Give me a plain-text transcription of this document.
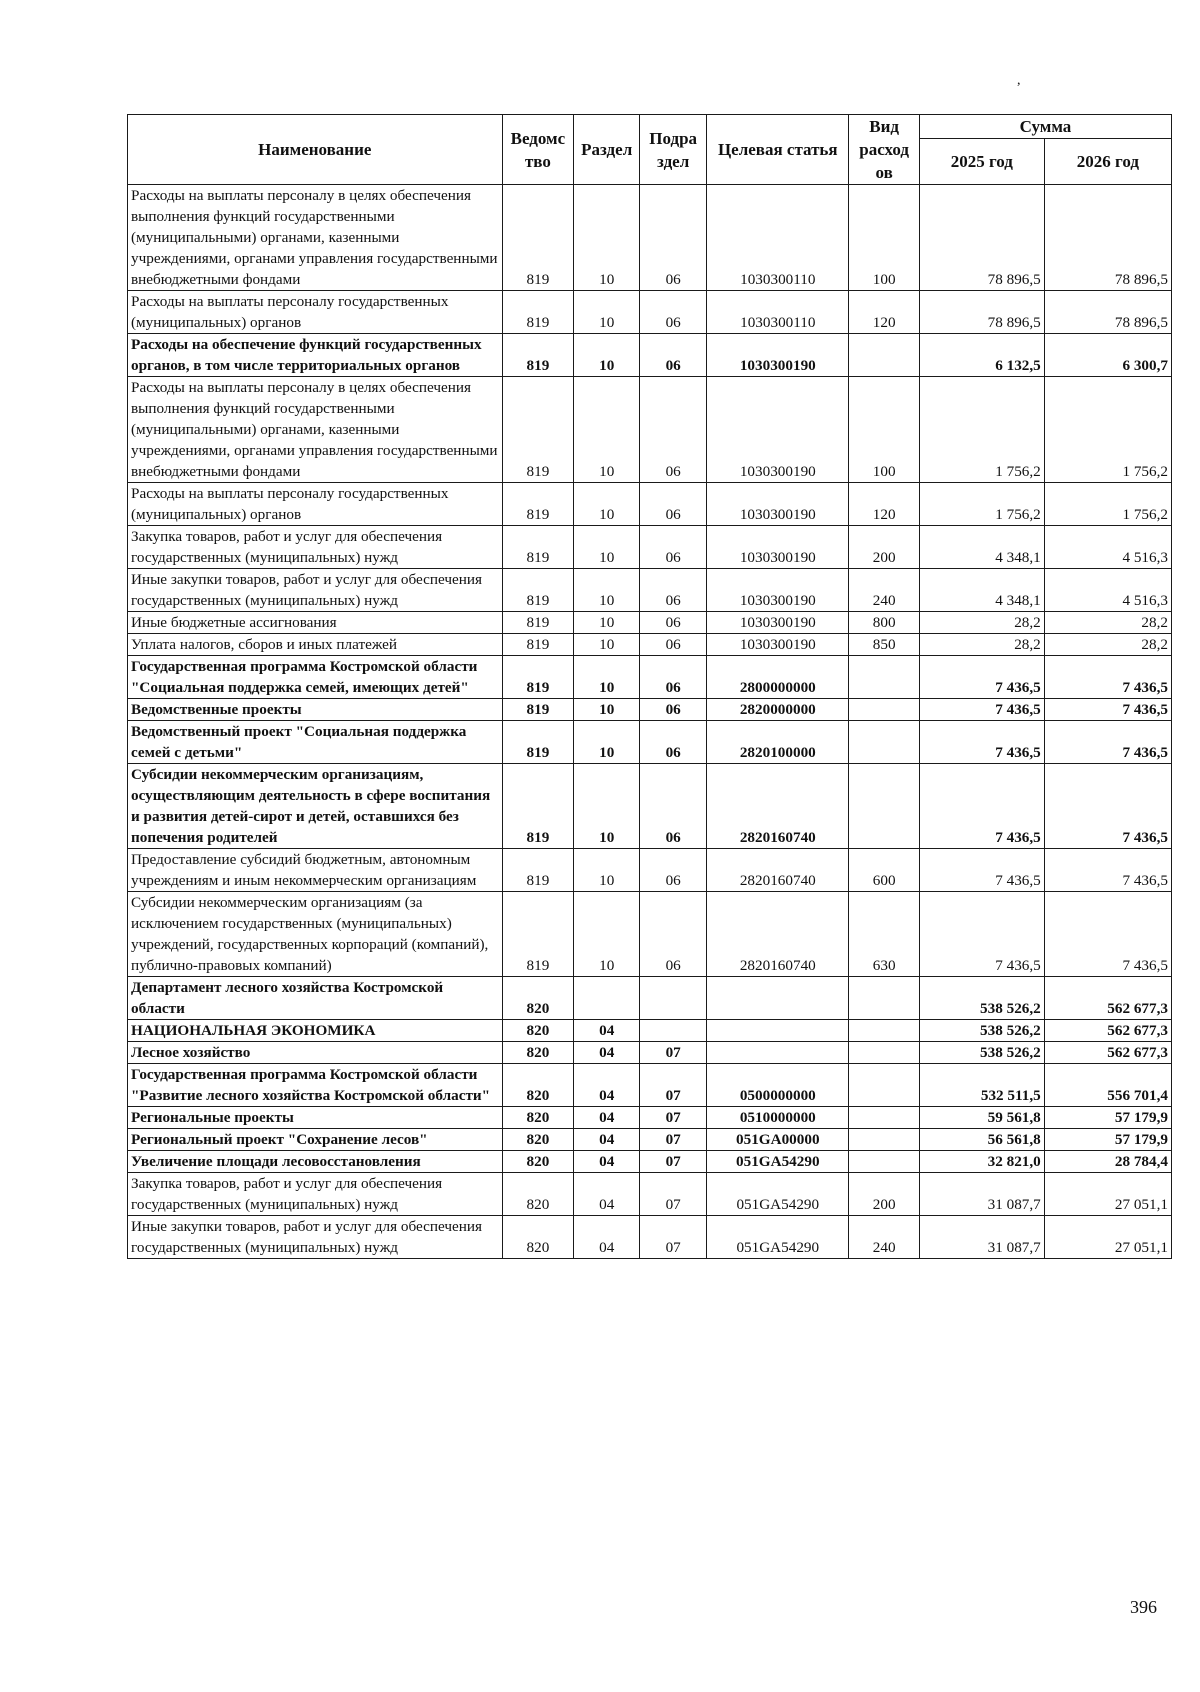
,
Наименование	Ведомс тво	Раздел	Подра здел	Целевая статья	Вид расход ов	Сумма	
						2025 год	2026 год
Расходы на выплаты персоналу в целях обеспечения выполнения функций государственными (муниципальными) органами, казенными учреждениями, органами управления государственными внебюджетными фондами	819	10	06	1030300110	100	78 896,5	78 896,5
Расходы на выплаты персоналу государственных (муниципальных) органов	819	10	06	1030300110	120	78 896,5	78 896,5
Расходы на обеспечение функций государственных органов, в том числе территориальных органов	819	10	06	1030300190		6 132,5	6 300,7
Расходы на выплаты персоналу в целях обеспечения выполнения функций государственными (муниципальными) органами, казенными учреждениями, органами управления государственными внебюджетными фондами	819	10	06	1030300190	100	1 756,2	1 756,2
Расходы на выплаты персоналу государственных (муниципальных) органов	819	10	06	1030300190	120	1 756,2	1 756,2
Закупка товаров, работ и услуг для обеспечения государственных (муниципальных) нужд	819	10	06	1030300190	200	4 348,1	4 516,3
Иные закупки товаров, работ и услуг для обеспечения государственных (муниципальных) нужд	819	10	06	1030300190	240	4 348,1	4 516,3
Иные бюджетные ассигнования	819	10	06	1030300190	800	28,2	28,2
Уплата налогов, сборов и иных платежей	819	10	06	1030300190	850	28,2	28,2
Государственная программа Костромской области "Социальная поддержка семей, имеющих детей"	819	10	06	2800000000		7 436,5	7 436,5
Ведомственные проекты	819	10	06	2820000000		7 436,5	7 436,5
Ведомственный проект "Социальная поддержка семей с детьми"	819	10	06	2820100000		7 436,5	7 436,5
Субсидии некоммерческим организациям, осуществляющим деятельность в сфере воспитания и развития детей-сирот и детей, оставшихся без попечения родителей	819	10	06	2820160740		7 436,5	7 436,5
Предоставление субсидий бюджетным, автономным учреждениям и иным некоммерческим организациям	819	10	06	2820160740	600	7 436,5	7 436,5
Субсидии некоммерческим организациям (за исключением государственных (муниципальных) учреждений, государственных корпораций (компаний), публично-правовых компаний)	819	10	06	2820160740	630	7 436,5	7 436,5
Департамент лесного хозяйства Костромской области	820					538 526,2	562 677,3
НАЦИОНАЛЬНАЯ ЭКОНОМИКА	820	04				538 526,2	562 677,3
Лесное хозяйство	820	04	07			538 526,2	562 677,3
Государственная программа Костромской области "Развитие лесного хозяйства Костромской области"	820	04	07	0500000000		532 511,5	556 701,4
Региональные проекты	820	04	07	0510000000		59 561,8	57 179,9
Региональный проект "Сохранение лесов"	820	04	07	051GA00000		56 561,8	57 179,9
Увеличение площади лесовосстановления	820	04	07	051GA54290		32 821,0	28 784,4
Закупка товаров, работ и услуг для обеспечения государственных (муниципальных) нужд	820	04	07	051GA54290	200	31 087,7	27 051,1
Иные закупки товаров, работ и услуг для обеспечения государственных (муниципальных) нужд	820	04	07	051GA54290	240	31 087,7	27 051,1
396
